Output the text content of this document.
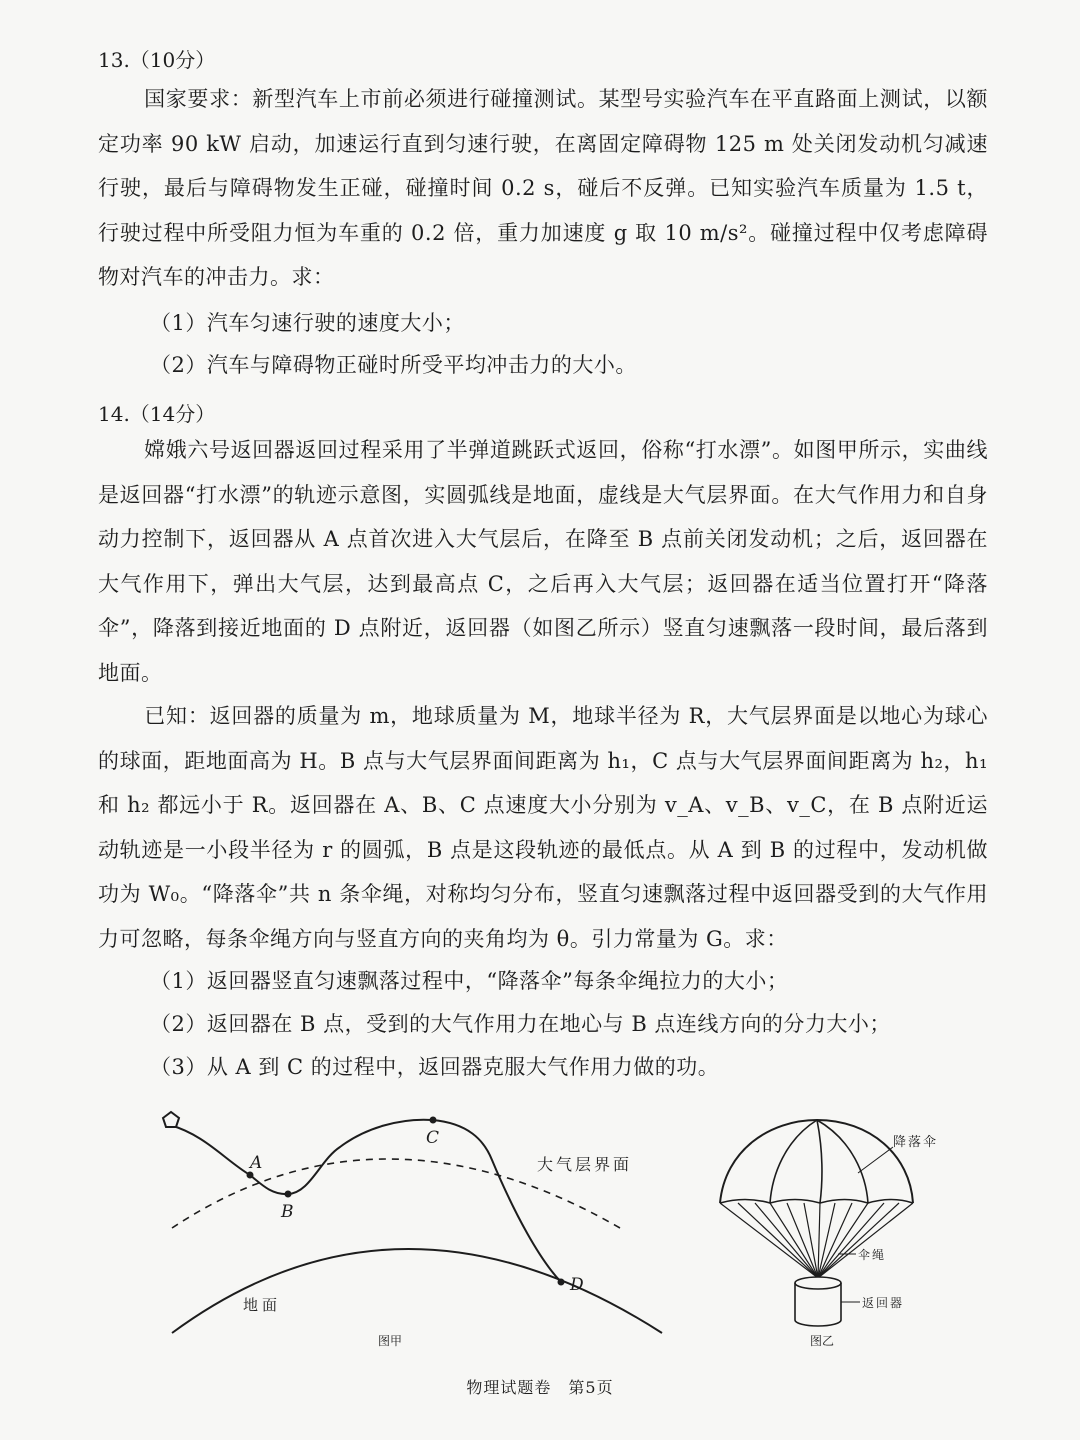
13.（10分）
国家要求：新型汽车上市前必须进行碰撞测试。某型号实验汽车在平直路面上测试，以额定功率 90 kW 启动，加速运行直到匀速行驶，在离固定障碍物 125 m 处关闭发动机匀减速行驶，最后与障碍物发生正碰，碰撞时间 0.2 s，碰后不反弹。已知实验汽车质量为 1.5 t，行驶过程中所受阻力恒为车重的 0.2 倍，重力加速度 g 取 10 m/s²。碰撞过程中仅考虑障碍物对汽车的冲击力。求：
（1）汽车匀速行驶的速度大小；
（2）汽车与障碍物正碰时所受平均冲击力的大小。
14.（14分）
嫦娥六号返回器返回过程采用了半弹道跳跃式返回，俗称“打水漂”。如图甲所示，实曲线是返回器“打水漂”的轨迹示意图，实圆弧线是地面，虚线是大气层界面。在大气作用力和自身动力控制下，返回器从 A 点首次进入大气层后，在降至 B 点前关闭发动机；之后，返回器在大气作用下，弹出大气层，达到最高点 C，之后再入大气层；返回器在适当位置打开“降落伞”，降落到接近地面的 D 点附近，返回器（如图乙所示）竖直匀速飘落一段时间，最后落到地面。
已知：返回器的质量为 m，地球质量为 M，地球半径为 R，大气层界面是以地心为球心的球面，距地面高为 H。B 点与大气层界面间距离为 h₁，C 点与大气层界面间距离为 h₂，h₁ 和 h₂ 都远小于 R。返回器在 A、B、C 点速度大小分别为 v_A、v_B、v_C，在 B 点附近运动轨迹是一小段半径为 r 的圆弧，B 点是这段轨迹的最低点。从 A 到 B 的过程中，发动机做功为 W₀。“降落伞”共 n 条伞绳，对称均匀分布，竖直匀速飘落过程中返回器受到的大气作用力可忽略，每条伞绳方向与竖直方向的夹角均为 θ。引力常量为 G。求：
（1）返回器竖直匀速飘落过程中，“降落伞”每条伞绳拉力的大小；
（2）返回器在 B 点，受到的大气作用力在地心与 B 点连线方向的分力大小；
（3）从 A 到 C 的过程中，返回器克服大气作用力做的功。
A
B
C
D
大气层界面
地面
图甲
降落伞
伞绳
返回器
图乙
物理试题卷　第5页
